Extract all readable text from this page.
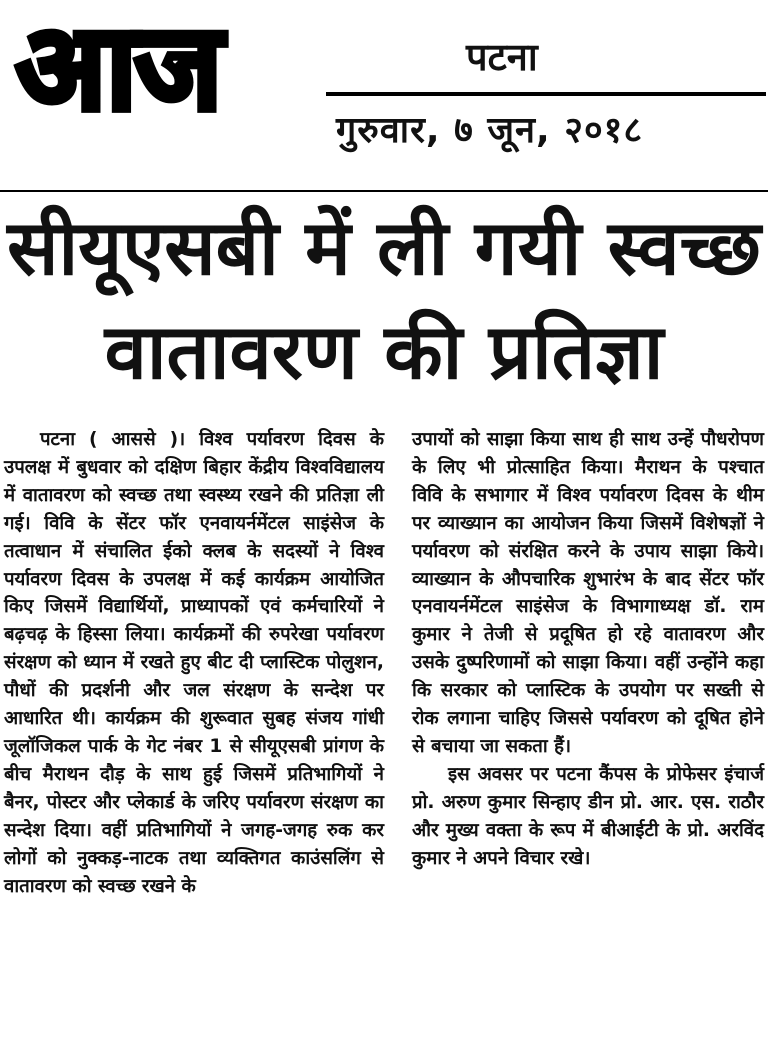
आज	पटना
गुरुवार, ७ जून, २०१८
सीयूएसबी में ली गयी स्वच्छ
वातावरण की प्रतिज्ञा

पटना ( आससे )। विश्व पर्यावरण दिवस के उपलक्ष में बुधवार को दक्षिण बिहार केंद्रीय विश्वविद्यालय में वातावरण को स्वच्छ तथा स्वस्थ्य रखने की प्रतिज्ञा ली गई। विवि के सेंटर फॉर एनवायर्नमेंटल साइंसेज के तत्वाधान में संचालित ईको क्लब के सदस्यों ने विश्व पर्यावरण दिवस के उपलक्ष में कई कार्यक्रम आयोजित किए जिसमें विद्यार्थियों, प्राध्यापकों एवं कर्मचारियों ने बढ़चढ़ के हिस्सा लिया। कार्यक्रमों की रुपरेखा पर्यावरण संरक्षण को ध्यान में रखते हुए बीट दी प्लास्टिक पोलुशन, पौधों की प्रदर्शनी और जल संरक्षण के सन्देश पर आधारित थी। कार्यक्रम की शुरूवात सुबह संजय गांधी जूलॉजिकल पार्क के गेट नंबर 1 से सीयूएसबी प्रांगण के बीच मैराथन दौड़ के साथ हुई जिसमें प्रतिभागियों ने बैनर, पोस्टर और प्लेकार्ड के जरिए पर्यावरण संरक्षण का सन्देश दिया। वहीं प्रतिभागियों ने जगह-जगह रुक कर लोगों को नुक्कड़-नाटक तथा व्यक्तिगत काउंसलिंग से वातावरण को स्वच्छ रखने के

उपायों को साझा किया साथ ही साथ उन्हें पौधरोपण के लिए भी प्रोत्साहित किया। मैराथन के पश्चात विवि के सभागार में विश्व पर्यावरण दिवस के थीम पर व्याख्यान का आयोजन किया जिसमें विशेषज्ञों ने पर्यावरण को संरक्षित करने के उपाय साझा किये। व्याख्यान के औपचारिक शुभारंभ के बाद सेंटर फॉर एनवायर्नमेंटल साइंसेज के विभागाध्यक्ष डॉ. राम कुमार ने तेजी से प्रदूषित हो रहे वातावरण और उसके दुष्परिणामों को साझा किया। वहीं उन्होंने कहा कि सरकार को प्लास्टिक के उपयोग पर सख्ती से रोक लगाना चाहिए जिससे पर्यावरण को दूषित होने से बचाया जा सकता हैं।

इस अवसर पर पटना कैंपस के प्रोफेसर इंचार्ज प्रो. अरुण कुमार सिन्हाए डीन प्रो. आर. एस. राठौर और मुख्य वक्ता के रूप में बीआईटी के प्रो. अरविंद कुमार ने अपने विचार रखे।
